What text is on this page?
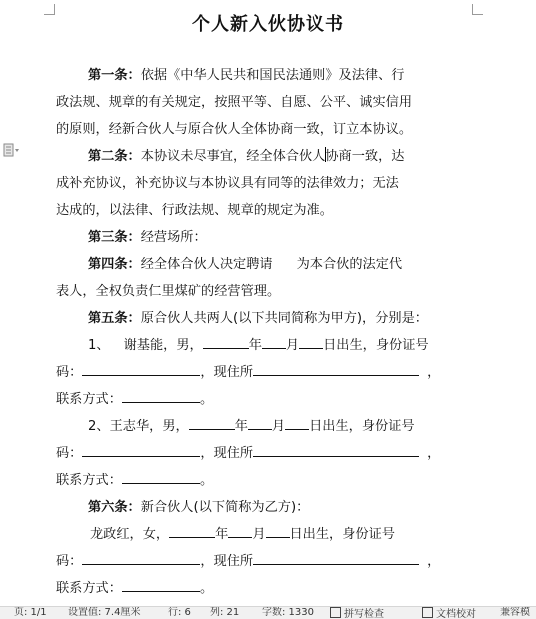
个人新入伙协议书
第一条：依据《中华人民共和国民法通则》及法律、行
政法规、规章的有关规定，按照平等、自愿、公平、诚实信用
的原则，经新合伙人与原合伙人全体协商一致，订立本协议。
第二条：本协议未尽事宜，经全体合伙人协商一致，达
成补充协议，补充协议与本协议具有同等的法律效力；无法
达成的，以法律、行政法规、规章的规定为准。
第三条：经营场所：
第四条：经全体合伙人决定聘请 为本合伙的法定代
表人，全权负责仁里煤矿的经营管理。
第五条：原合伙人共两人(以下共同简称为甲方)，分别是：
1、 谢基能，男，	年 月 日出生，身份证号
码：	，现住所	，
联系方式：	。
2、王志华，男，	年 月 日出生，身份证号
码：	，现住所	，
联系方式：	。
第六条：新合伙人(以下简称为乙方)：
龙政红，女，	年 月 日出生，身份证号
码：	，现住所	，
联系方式：	。
页: 1/1 设置值: 7.4厘米	行: 6 列: 21 字数: 1330	拼写检查	文档校对 兼容模
